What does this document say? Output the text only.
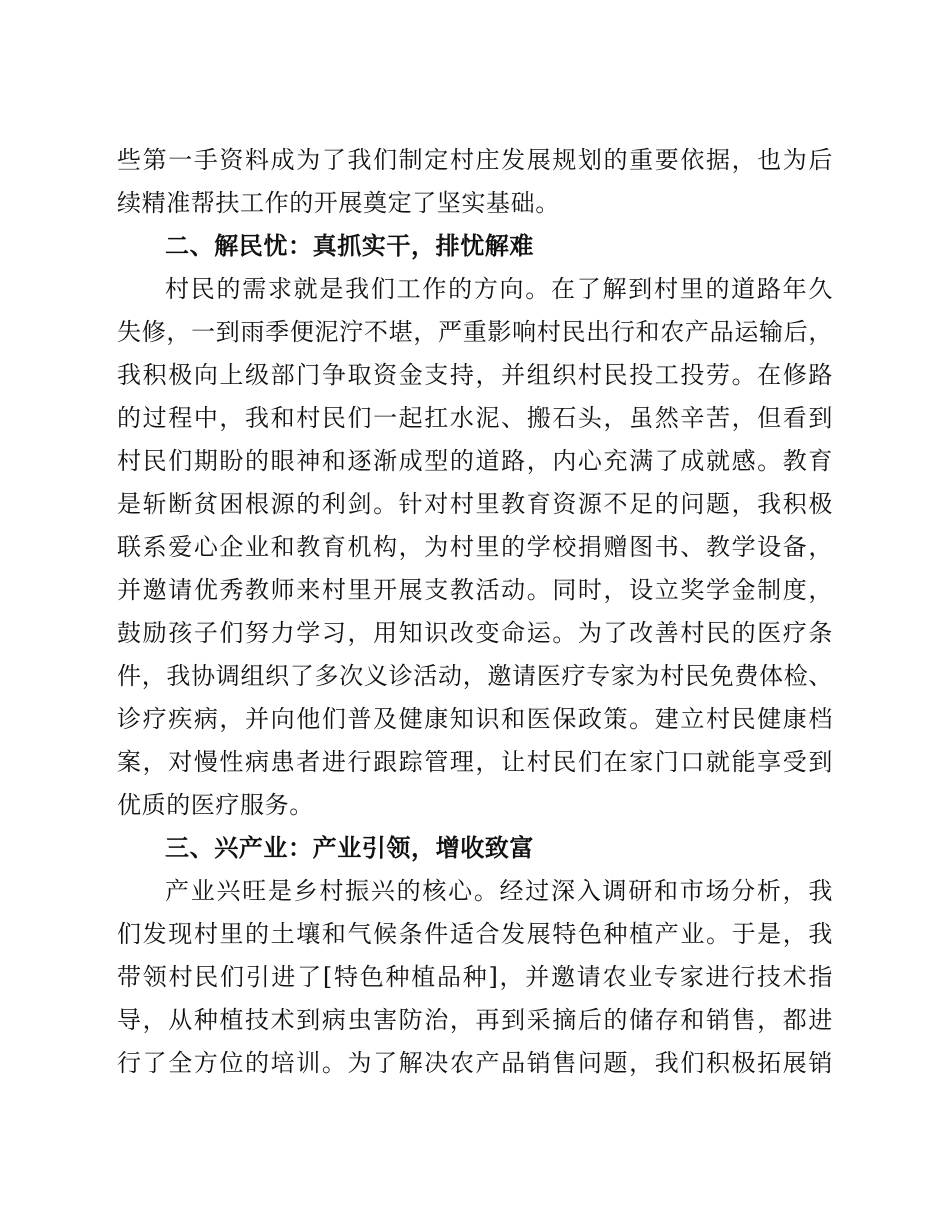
些第一手资料成为了我们制定村庄发展规划的重要依据，也为后
续精准帮扶工作的开展奠定了坚实基础。
二、解民忧：真抓实干，排忧解难
村民的需求就是我们工作的方向。在了解到村里的道路年久
失修，一到雨季便泥泞不堪，严重影响村民出行和农产品运输后，
我积极向上级部门争取资金支持，并组织村民投工投劳。在修路
的过程中，我和村民们一起扛水泥、搬石头，虽然辛苦，但看到
村民们期盼的眼神和逐渐成型的道路，内心充满了成就感。教育
是斩断贫困根源的利剑。针对村里教育资源不足的问题，我积极
联系爱心企业和教育机构，为村里的学校捐赠图书、教学设备，
并邀请优秀教师来村里开展支教活动。同时，设立奖学金制度，
鼓励孩子们努力学习，用知识改变命运。为了改善村民的医疗条
件，我协调组织了多次义诊活动，邀请医疗专家为村民免费体检、
诊疗疾病，并向他们普及健康知识和医保政策。建立村民健康档
案，对慢性病患者进行跟踪管理，让村民们在家门口就能享受到
优质的医疗服务。
三、兴产业：产业引领，增收致富
产业兴旺是乡村振兴的核心。经过深入调研和市场分析，我
们发现村里的土壤和气候条件适合发展特色种植产业。于是，我
带领村民们引进了[特色种植品种]，并邀请农业专家进行技术指
导，从种植技术到病虫害防治，再到采摘后的储存和销售，都进
行了全方位的培训。为了解决农产品销售问题，我们积极拓展销
